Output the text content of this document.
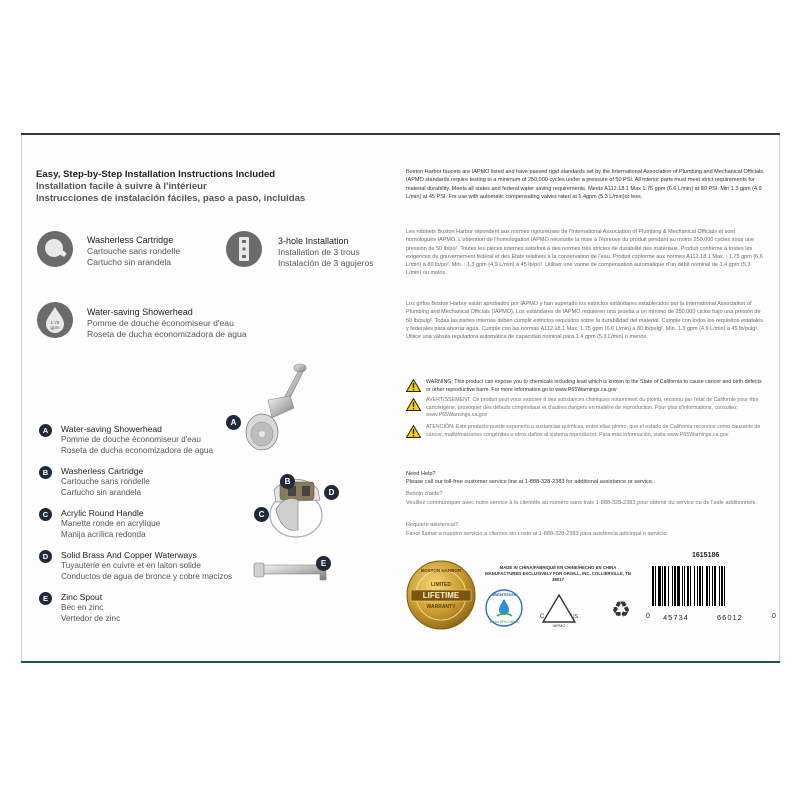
Easy, Step-by-Step Installation Instructions Included
Installation facile à suivre à l'intérieur
Instrucciones de instalación fáciles, paso a paso, incluidas
Washerless Cartridge
Cartouche sans rondelle
Cartucho sin arandela
3-hole Installation
Installation de 3 trous
Instalación de 3 agujeros
1.75 gpm
Water-saving Showerhead
Pomme de douche économiseur d'eau
Roseta de ducha economizadora de agua
A	Water-saving Showerhead
Pomme de douche économiseur d'eau
Roseta de ducha economizadora de agua
B	Washerless Cartridge
Cartouche sans rondelle
Cartucho sin arandela
C	Acrylic Round Handle
Manette ronde en acrylique
Manija acrílica redonda
D	Solid Brass And Copper Waterways
Tuyauterie en cuivre et en laiton solide
Conductos de agua de bronce y cobre macizos
E	Zinc Spout
Bec en zinc
Vertedor de zinc
A
B
C
D
E
Boston Harbor faucets are IAPMO listed and have passed rigid standards set by the International Association of Plumbing and Mechanical Officials. IAPMO standards require testing to a minimum of 250,000 cycles under a pressure of 50 PSI. All interior parts must meet strict requirements for material durability. Meets all states and federal water saving requirements. Meets A112.18.1 Max 1.75 gpm (6.6 L/min) at 80 PSI. Min 1.3 gpm (4.9 L/min) at 45 PSI. For use with automatic compensating valves rated at 1.4gpm (5.3 L/min)or less.
Les robinets Boston Harbor répondent aux normes rigoureuses de l'International Association of Plumbing & Mechanical Officials et sont homologués IAPMO. L'obtention de l'homologation IAPMO nécessite la mise à l'épreuve du produit pendant au moins 250,000 cycles sous une pression de 50 lb/po². Toutes les pièces internes satisfont à des normes très strictes de durabilité des matériaux. Produit conforme à toutes les exigences du gouvernement fédéral et des États relatives à la conservation de l'eau. Produit conforme aux normes A112.18.1 Max. : 1,75 gpm (6,6 L/min) à 80 lb/po². Min. : 1,3 gpm (4,9 L/min) à 45 lb/po². Utiliser une vanne de compensation automatique d'un débit nominal de 1,4 gpm (5,3 L/min) ou moins.
Los grifos Boston Harbor están aprobados por IAPMO y han superado los estrictos estándares establecidos por la International Association of Plumbing and Mechanical Officials (IAPMO). Los estándares de IAPMO requieren una prueba a un mínimo de 250,000 ciclos bajo una presión de 50 lb/pulg². Todas las partes internas deben cumplir estrictos requisitos sobre la durabilidad del material. Cumple con todos los requisitos estatales y federales para ahorrar agua. Cumple con las normas A112.18.1 Max. 1.75 gpm (6.6 L/min) a 80 lb/pulg². Min. 1.3 gpm (4.9 L/min) a 45 lb/pulg². Utilice una válvula reguladora automática de capacidad nominal para 1.4 gpm (5.3 L/min) o menos.
WARNING: This product can expose you to chemicals including lead which is known to the State of California to cause cancer and birth defects or other reproductive harm. For more information go to www.P65Warnings.ca.gov
AVERTISSEMENT: Ce produit peut vous exposer à des substances chimiques notamment du plomb, reconnu par l'état de Californie pour être cancérigène, provoquer des défauts congénitaux et d'autres dangers en matière de reproduction. Pour plus d'informations, consultez www.P65Warnings.ca.gov
ATENCIÓN: Este producto puede exponerlo a sustancias químicas, entre ellas plomo, que el estado de California reconoce como causante de cáncer, malformaciones congénitas u otros daños al sistema reproductor. Para más información, visita www.P65Warnings.ca.gov
Need Help?
Please call our toll-free customer service line at 1-888-328-2383 for additional assistance or service.
Besoin d'aide?
Veuillez communiquer avec notre service à la clientèle au numéro sans frais 1-888-328-2383 pour obtenir du service ou de l'aide additionnels.
Requiere asistencia?
Favor llamar a nuestro servicio a clientes sin costo al 1-888-328-2383 para asistencia adicional o servicio.
BOSTON HARBOR
LIMITED
LIFETIME
WARRANTY
MADE IN CHINA/FABRIQUÉ EN CHINE/HECHO EN CHINA MANUFACTURED EXCLUSIVELY FOR ORGILL, INC. COLLIERVILLE, TN 38017
WaterSense
Meets EPA Criteria
C	US
IAPMO
♻
1615186
0 45734	66012	0
